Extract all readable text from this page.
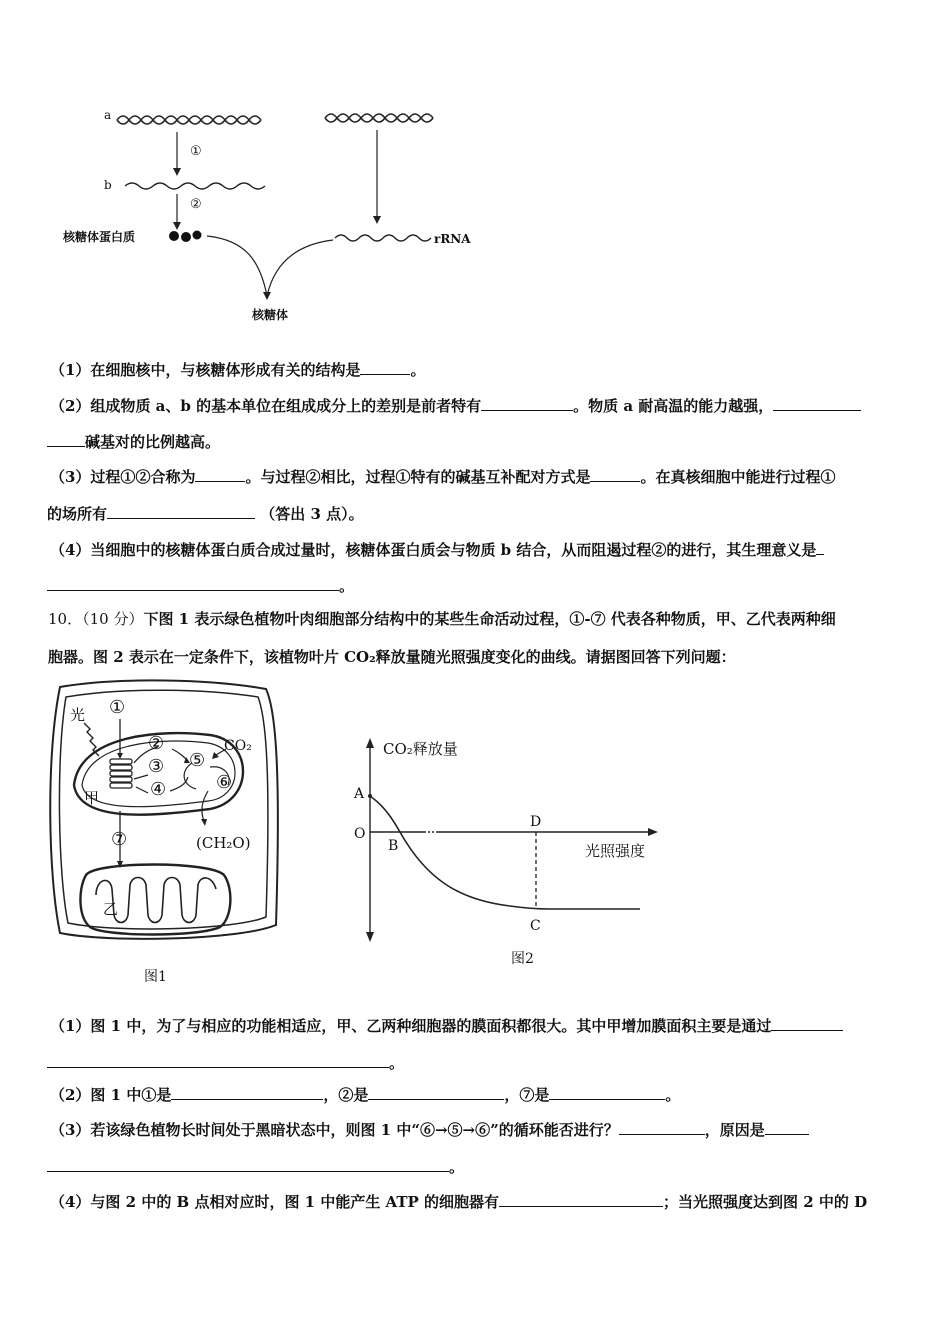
a
b
①
②
核糖体蛋白质	rRNA
核糖体
（1）在细胞核中，与核糖体形成有关的结构是	。
（2）组成物质 a、b 的基本单位在组成成分上的差别是前者特有	。物质 a 耐高温的能力越强，
碱基对的比例越高。
（3）过程①②合称为	。与过程②相比，过程①特有的碱基互补配对方式是	。在真核细胞中能进行过程①
的场所有	（答出 3 点）。
（4）当细胞中的核糖体蛋白质合成过量时，核糖体蛋白质会与物质 b 结合，从而阻遏过程②的进行，其生理意义是
。
10．（10 分）下图 1 表示绿色植物叶肉细胞部分结构中的某些生命活动过程，①-⑦ 代表各种物质，甲、乙代表两种细
胞器。图 2 表示在一定条件下，该植物叶片 CO₂释放量随光照强度变化的曲线。请据图回答下列问题：
光
甲
乙
①
②
③
④
⑤
⑥
⑦
CO₂
(CH₂O)
图1
CO₂释放量
光照强度
A
O
B
D
C
图2
（1）图 1 中，为了与相应的功能相适应，甲、乙两种细胞器的膜面积都很大。其中甲增加膜面积主要是通过
。
（2）图 1 中①是	，②是	，⑦是	。
（3）若该绿色植物长时间处于黑暗状态中，则图 1 中“⑥→⑤→⑥”的循环能否进行？	，原因是
。
（4）与图 2 中的 B 点相对应时，图 1 中能产生 ATP 的细胞器有	；当光照强度达到图 2 中的 D
